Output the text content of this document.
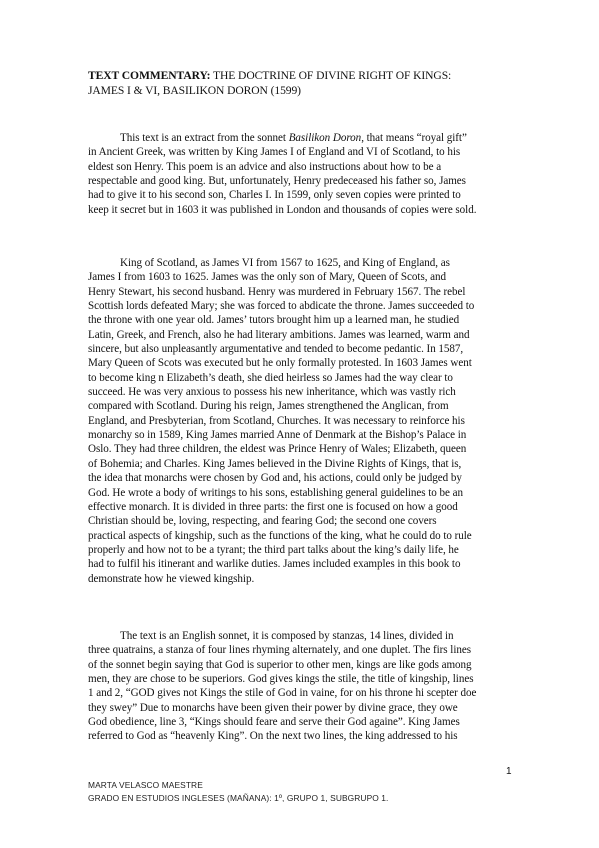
TEXT COMMENTARY: THE DOCTRINE OF DIVINE RIGHT OF KINGS:
JAMES I & VI, BASILIKON DORON (1599)
This text is an extract from the sonnet Basilikon Doron, that means “royal gift”
in Ancient Greek, was written by King James I of England and VI of Scotland, to his
eldest son Henry. This poem is an advice and also instructions about how to be a
respectable and good king. But, unfortunately, Henry predeceased his father so, James
had to give it to his second son, Charles I. In 1599, only seven copies were printed to
keep it secret but in 1603 it was published in London and thousands of copies were sold.
King of Scotland, as James VI from 1567 to 1625, and King of England, as
James I from 1603 to 1625. James was the only son of Mary, Queen of Scots, and
Henry Stewart, his second husband. Henry was murdered in February 1567. The rebel
Scottish lords defeated Mary; she was forced to abdicate the throne. James succeeded to
the throne with one year old. James’ tutors brought him up a learned man, he studied
Latin, Greek, and French, also he had literary ambitions. James was learned, warm and
sincere, but also unpleasantly argumentative and tended to become pedantic. In 1587,
Mary Queen of Scots was executed but he only formally protested. In 1603 James went
to become king n Elizabeth’s death, she died heirless so James had the way clear to
succeed. He was very anxious to possess his new inheritance, which was vastly rich
compared with Scotland. During his reign, James strengthened the Anglican, from
England, and Presbyterian, from Scotland, Churches. It was necessary to reinforce his
monarchy so in 1589, King James married Anne of Denmark at the Bishop’s Palace in
Oslo. They had three children, the eldest was Prince Henry of Wales; Elizabeth, queen
of Bohemia; and Charles. King James believed in the Divine Rights of Kings, that is,
the idea that monarchs were chosen by God and, his actions, could only be judged by
God. He wrote a body of writings to his sons, establishing general guidelines to be an
effective monarch. It is divided in three parts: the first one is focused on how a good
Christian should be, loving, respecting, and fearing God; the second one covers
practical aspects of kingship, such as the functions of the king, what he could do to rule
properly and how not to be a tyrant; the third part talks about the king’s daily life, he
had to fulfil his itinerant and warlike duties. James included examples in this book to
demonstrate how he viewed kingship.
The text is an English sonnet, it is composed by stanzas, 14 lines, divided in
three quatrains, a stanza of four lines rhyming alternately, and one duplet. The firs lines
of the sonnet begin saying that God is superior to other men, kings are like gods among
men, they are chose to be superiors. God gives kings the stile, the title of kingship, lines
1 and 2, “GOD gives not Kings the stile of God in vaine, for on his throne hi scepter doe
they swey” Due to monarchs have been given their power by divine grace, they owe
God obedience, line 3, “Kings should feare and serve their God againe”. King James
referred to God as “heavenly King”. On the next two lines, the king addressed to his
1
MARTA VELASCO MAESTRE
GRADO EN ESTUDIOS INGLESES (MAÑANA): 1º, GRUPO 1, SUBGRUPO 1.
